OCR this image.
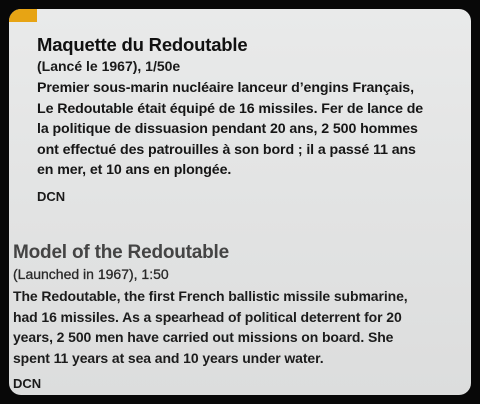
Maquette du Redoutable
(Lancé le 1967), 1/50e
Premier sous-marin nucléaire lanceur d’engins Français,
Le Redoutable était équipé de 16 missiles. Fer de lance de
la politique de dissuasion pendant 20 ans, 2 500 hommes
ont effectué des patrouilles à son bord ; il a passé 11 ans
en mer, et 10 ans en plongée.
DCN
Model of the Redoutable
(Launched in 1967), 1:50
The Redoutable, the first French ballistic missile submarine,
had 16 missiles. As a spearhead of political deterrent for 20
years, 2 500 men have carried out missions on board. She
spent 11 years at sea and 10 years under water.
DCN
